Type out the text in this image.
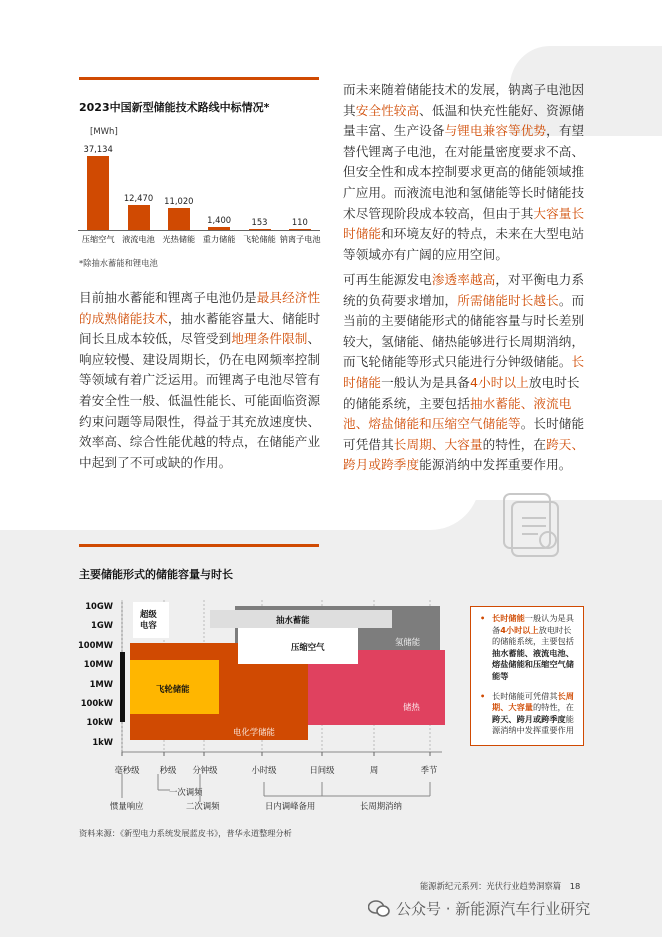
2023中国新型储能技术路线中标情况*
[MWh]
37,134
压缩空气
12,470
液流电池
11,020
光热储能
1,400
重力储能
153
飞轮储能
110
钠离子电池
*除抽水蓄能和锂电池
目前抽水蓄能和锂离子电池仍是最具经济性的成熟储能技术，抽水蓄能容量大、储能时间长且成本较低，尽管受到地理条件限制、响应较慢、建设周期长，仍在电网频率控制等领域有着广泛运用。而锂离子电池尽管有着安全性一般、低温性能长、可能面临资源约束问题等局限性，得益于其充放速度快、效率高、综合性能优越的特点，在储能产业中起到了不可或缺的作用。
而未来随着储能技术的发展，钠离子电池因其安全性较高、低温和快充性能好、资源储量丰富、生产设备与锂电兼容等优势，有望替代锂离子电池，在对能量密度要求不高、但安全性和成本控制要求更高的储能领域推广应用。而液流电池和氢储能等长时储能技术尽管现阶段成本较高，但由于其大容量长时储能和环境友好的特点，未来在大型电站等领域亦有广阔的应用空间。
可再生能源发电渗透率越高，对平衡电力系统的负荷要求增加，所需储能时长越长。而当前的主要储能形式的储能容量与时长差别较大，氢储能、储热能够进行长周期消纳，而飞轮储能等形式只能进行分钟级储能。长时储能一般认为是具备4小时以上放电时长的储能系统，主要包括抽水蓄能、液流电池、熔盐储能和压缩空气储能等。长时储能可凭借其长周期、大容量的特性，在跨天、跨月或跨季度能源消纳中发挥重要作用。
主要储能形式的储能容量与时长
10GW
1GW
100MW
10MW
1MW
100kW
10kW
1kW
超级电容	抽水蓄能
氢储能
压缩空气
飞轮储能
储热
电化学储能
毫秒级	秒级	分钟级	小时级	日间级	周	季节
一次调频
惯量响应	二次调频	日内调峰备用	长周期消纳
• 长时储能一般认为是具备4小时以上放电时长的储能系统，主要包括抽水蓄能、液流电池、熔盐储能和压缩空气储能等
• 长时储能可凭借其长周期、大容量的特性，在跨天、跨月或跨季度能源消纳中发挥重要作用
资料来源：《新型电力系统发展蓝皮书》，普华永道整理分析
能源新纪元系列：光伏行业趋势洞察篇 18
公众号 · 新能源汽车行业研究
